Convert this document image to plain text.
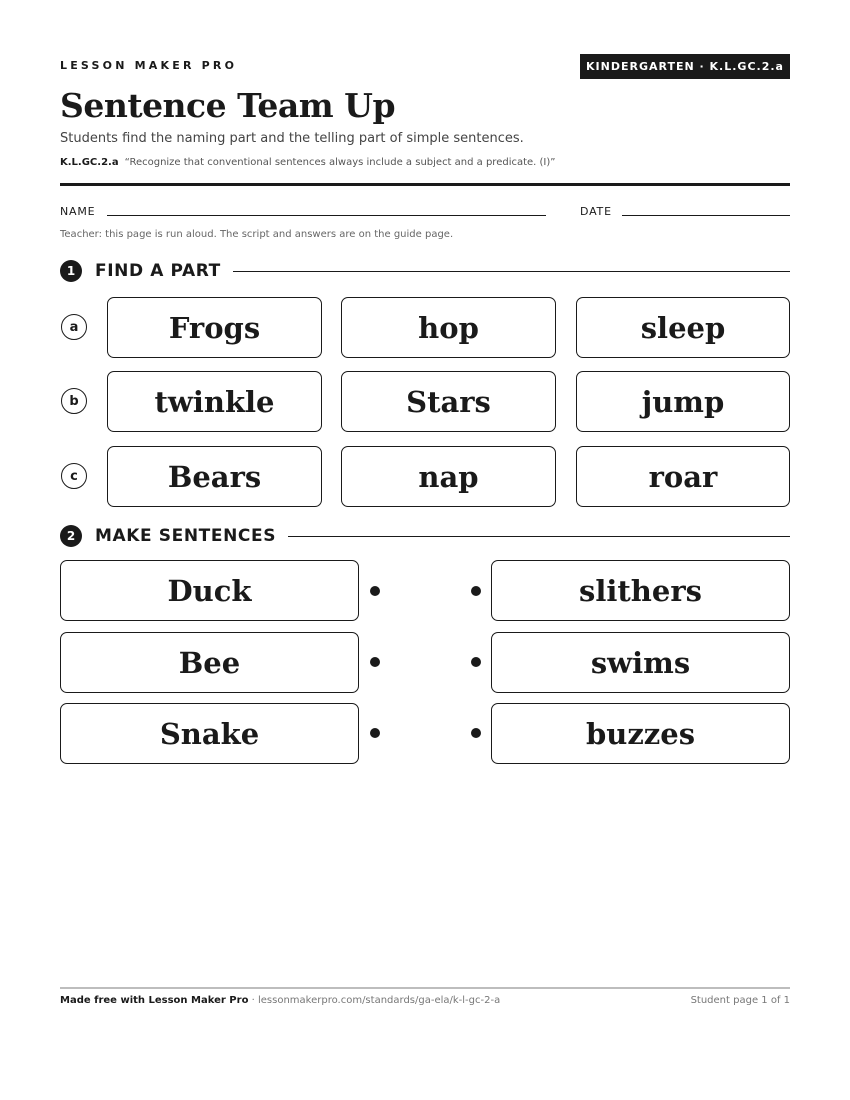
LESSON MAKER PRO	KINDERGARTEN · K.L.GC.2.a
Sentence Team Up
Students find the naming part and the telling part of simple sentences.
K.L.GC.2.a “Recognize that conventional sentences always include a subject and a predicate. (I)”
NAME	DATE
Teacher: this page is run aloud. The script and answers are on the guide page.
1	FIND A PART
a	Frogs	hop	sleep
b	twinkle	Stars	jump
c	Bears	nap	roar
2	MAKE SENTENCES
Duck	slithers
Bee	swims
Snake	buzzes
Made free with Lesson Maker Pro · lessonmakerpro.com/standards/ga-ela/k-l-gc-2-a	Student page 1 of 1
